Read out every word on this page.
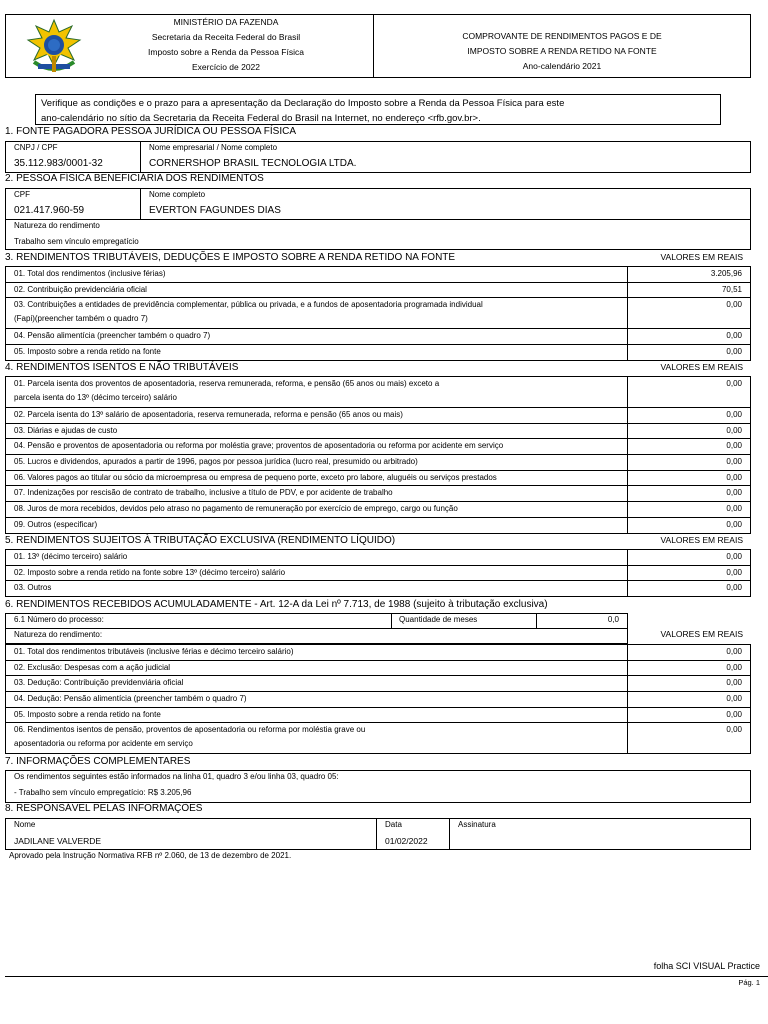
MINISTÉRIO DA FAZENDA
Secretaria da Receita Federal do Brasil
Imposto sobre a Renda da Pessoa Física
Exercício de 2022
COMPROVANTE DE RENDIMENTOS PAGOS E DE
IMPOSTO SOBRE A RENDA RETIDO NA FONTE
Ano-calendário 2021
Verifique as condições e o prazo para a apresentação da Declaração do Imposto sobre a Renda da Pessoa Física para este
ano-calendário no sítio da Secretaria da Receita Federal do Brasil na Internet, no endereço <rfb.gov.br>.
1. FONTE PAGADORA PESSOA JURÍDICA OU PESSOA FÍSICA
CNPJ / CPF
35.112.983/0001-32
Nome empresarial / Nome completo
CORNERSHOP BRASIL TECNOLOGIA LTDA.
2. PESSOA FÍSICA BENEFICIÁRIA DOS RENDIMENTOS
CPF
021.417.960-59
Nome completo
EVERTON FAGUNDES DIAS
Natureza do rendimento
Trabalho sem vínculo empregatício
3. RENDIMENTOS TRIBUTÁVEIS, DEDUÇÕES E IMPOSTO SOBRE A RENDA RETIDO NA FONTE	VALORES EM REAIS
01. Total dos rendimentos (inclusive férias)	3.205,96
02. Contribuição previdenciária oficial	70,51

03. Contribuições a entidades de previdência complementar, pública ou privada, e a fundos de aposentadoria programada individual
(Fapi)(preencher também o quadro 7)	0,00
04. Pensão alimentícia (preencher também o quadro 7)	0,00
05. Imposto sobre a renda retido na fonte	0,00
4. RENDIMENTOS ISENTOS E NÃO TRIBUTÁVEIS	VALORES EM REAIS
01. Parcela isenta dos proventos de aposentadoria, reserva remunerada, reforma, e pensão (65 anos ou mais) exceto a
parcela isenta do 13º (décimo terceiro) salário	0,00
02. Parcela isenta do 13º salário de aposentadoria, reserva remunerada, reforma e pensão (65 anos ou mais)	0,00
03. Diárias e ajudas de custo	0,00
04. Pensão e proventos de aposentadoria ou reforma por moléstia grave; proventos de aposentadoria ou reforma por acidente em serviço	0,00
05. Lucros e dividendos, apurados a partir de 1996, pagos por pessoa jurídica (lucro real, presumido ou arbitrado)	0,00
06. Valores pagos ao titular ou sócio da microempresa ou empresa de pequeno porte, exceto pro labore, aluguéis ou serviços prestados	0,00
07. Indenizações por rescisão de contrato de trabalho, inclusive a título de PDV, e por acidente de trabalho	0,00
08. Juros de mora recebidos, devidos pelo atraso no pagamento de remuneração por exercício de emprego, cargo ou função	0,00
09. Outros (especificar)	0,00
5. RENDIMENTOS SUJEITOS À TRIBUTAÇÃO EXCLUSIVA (RENDIMENTO LÍQUIDO)	VALORES EM REAIS
01. 13º (décimo terceiro) salário	0,00
02. Imposto sobre a renda retido na fonte sobre 13º (décimo terceiro) salário	0,00
03. Outros	0,00
6. RENDIMENTOS RECEBIDOS ACUMULADAMENTE - Art. 12-A da Lei nº 7.713, de 1988 (sujeito à tributação exclusiva)
6.1 Número do processo:	Quantidade de meses	0,0
Natureza do rendimento:	VALORES EM REAIS
01. Total dos rendimentos tributáveis (inclusive férias e décimo terceiro salário)	0,00
02. Exclusão: Despesas com a ação judicial	0,00
03. Dedução: Contribuição previdenviária oficial	0,00
04. Dedução: Pensão alimentícia (preencher também o quadro 7)	0,00
05. Imposto sobre a renda retido na fonte	0,00

06. Rendimentos isentos de pensão, proventos de aposentadoria ou reforma por moléstia grave ou
aposentadoria ou reforma por acidente em serviço	0,00
7. INFORMAÇÕES COMPLEMENTARES
Os rendimentos seguintes estão informados na linha 01, quadro 3 e/ou linha 03, quadro 05:
- Trabalho sem vínculo empregatício: R$ 3.205,96
8. RESPONSÁVEL PELAS INFORMAÇÕES
Nome
JADILANE VALVERDE
Data
01/02/2022
Assinatura
Aprovado pela Instrução Normativa RFB nº 2.060, de 13 de dezembro de 2021.
folha SCI VISUAL Practice
Pág. 1
